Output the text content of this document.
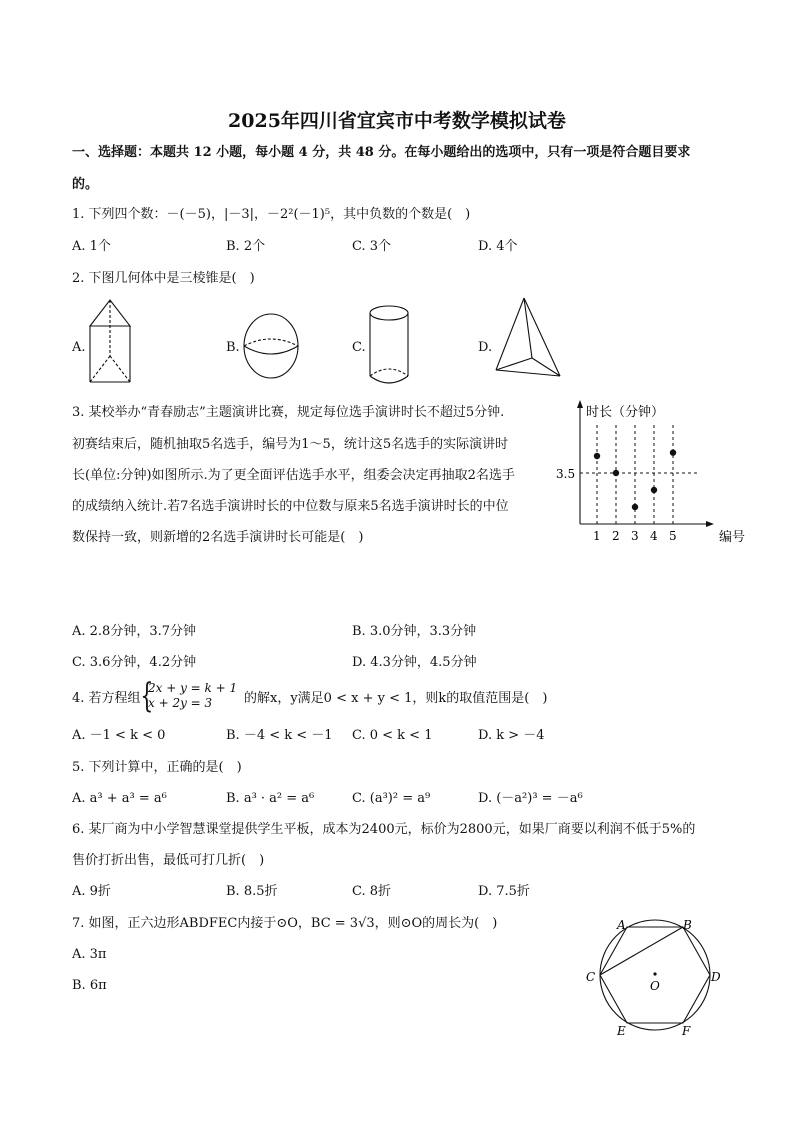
2025年四川省宜宾市中考数学模拟试卷
一、选择题：本题共 12 小题，每小题 4 分，共 48 分。在每小题给出的选项中，只有一项是符合题目要求
的。
1. 下列四个数：－(－5)，|－3|，－2²(－1)⁵，其中负数的个数是(　)
A. 1个	B. 2个	C. 3个	D. 4个
2. 下图几何体中是三棱锥是(　)
A.	B.	C.	D.
3. 某校举办“青春励志”主题演讲比赛，规定每位选手演讲时长不超过5分钟.
初赛结束后，随机抽取5名选手，编号为1～5，统计这5名选手的实际演讲时
长(单位:分钟)如图所示.为了更全面评估选手水平，组委会决定再抽取2名选手
的成绩纳入统计.若7名选手演讲时长的中位数与原来5名选手演讲时长的中位
数保持一致，则新增的2名选手演讲时长可能是(　)
时长（分钟）
编号
3.5
1 2 3 4 5
A. 2.8分钟，3.7分钟	B. 3.0分钟，3.3分钟
C. 3.6分钟，4.2分钟	D. 4.3分钟，4.5分钟
4. 若方程组 {
2x + y = k + 1
x + 2y = 3 的解x，y满足0 < x + y < 1，则k的取值范围是(　)
A. －1 < k < 0	B. －4 < k < －1 C. 0 < k < 1	D. k > －4
5. 下列计算中，正确的是(　)
A. a³ + a³ = a⁶	B. a³ · a² = a⁶	C. (a³)² = a⁹	D. (－a²)³ = －a⁶
6. 某厂商为中小学智慧课堂提供学生平板，成本为2400元，标价为2800元，如果厂商要以利润不低于5%的
售价打折出售，最低可打几折(　)
A. 9折	B. 8.5折	C. 8折	D. 7.5折
7. 如图，正六边形ABDFEC内接于⊙O，BC = 3√3，则⊙O的周长为(　)
A. 3π
B. 6π
A	B
C	D
E	F
O
